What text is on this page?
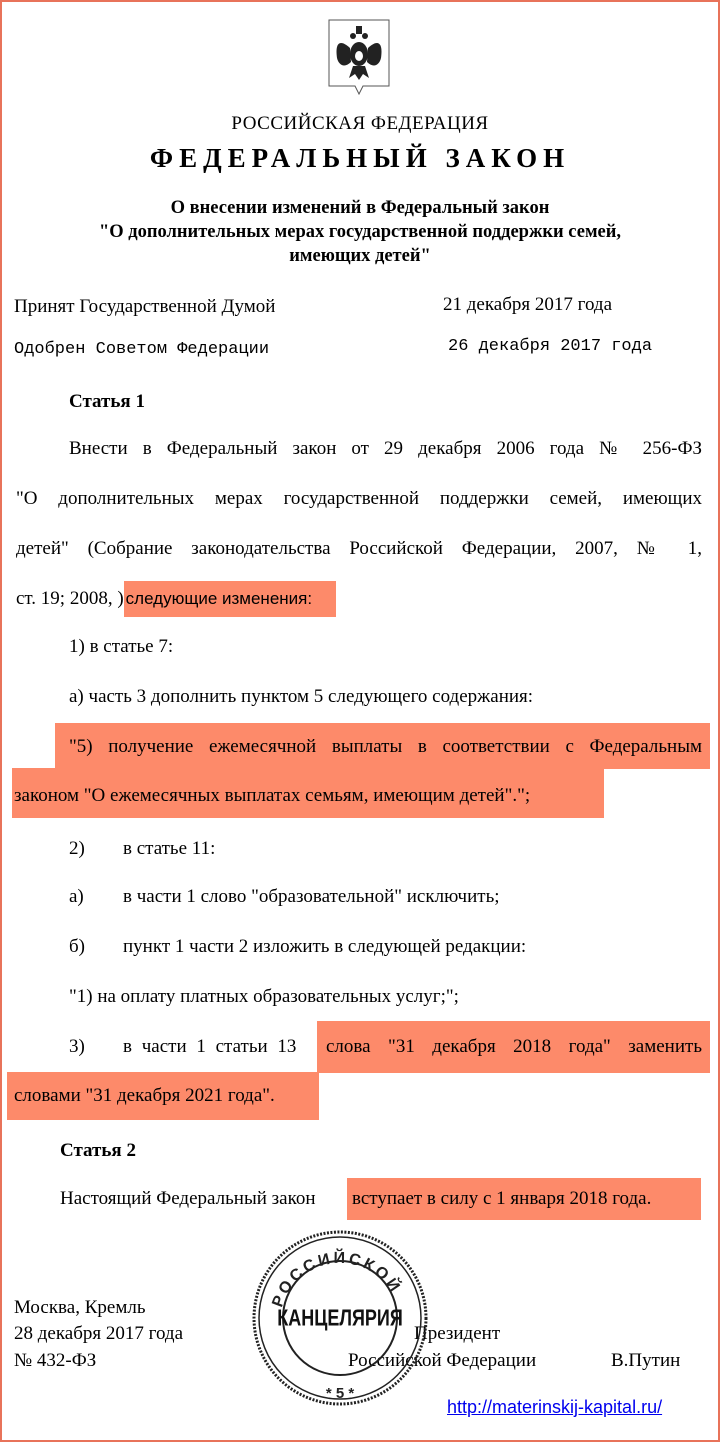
РОССИЙСКАЯ ФЕДЕРАЦИЯ
ФЕДЕРАЛЬНЫЙ ЗАКОН
О внесении изменений в Федеральный закон
"О дополнительных мерах государственной поддержки семей,
имеющих детей"
Принят Государственной Думой	21 декабря 2017 года
Одобрен Советом Федерации	26 декабря 2017 года
Статья 1
Внести в Федеральный закон от 29 декабря 2006 года № 256-ФЗ
"О дополнительных мерах государственной поддержки семей, имеющих
детей" (Собрание законодательства Российской Федерации, 2007, № 1,
ст. 19; 2008, ) следующие изменения:
1) в статье 7:
а) часть 3 дополнить пунктом 5 следующего содержания:
"5) получение ежемесячной выплаты в соответствии с Федеральным
законом "О ежемесячных выплатах семьям, имеющим детей".";
2) в статье 11:
а) в части 1 слово "образовательной" исключить;
б) пункт 1 части 2 изложить в следующей редакции:
"1) на оплату платных образовательных услуг;";
3) в части 1 статьи 13 слова "31 декабря 2018 года" заменить
словами "31 декабря 2021 года".
Статья 2
Настоящий Федеральный закон вступает в силу с 1 января 2018 года.
Москва, Кремль
28 декабря 2017 года
№ 432-ФЗ
Президент
Российской Федерации	В.Путин
РОССИЙСКОЙ
КАНЦЕЛЯРИЯ
* 5 *
http://materinskij-kapital.ru/
